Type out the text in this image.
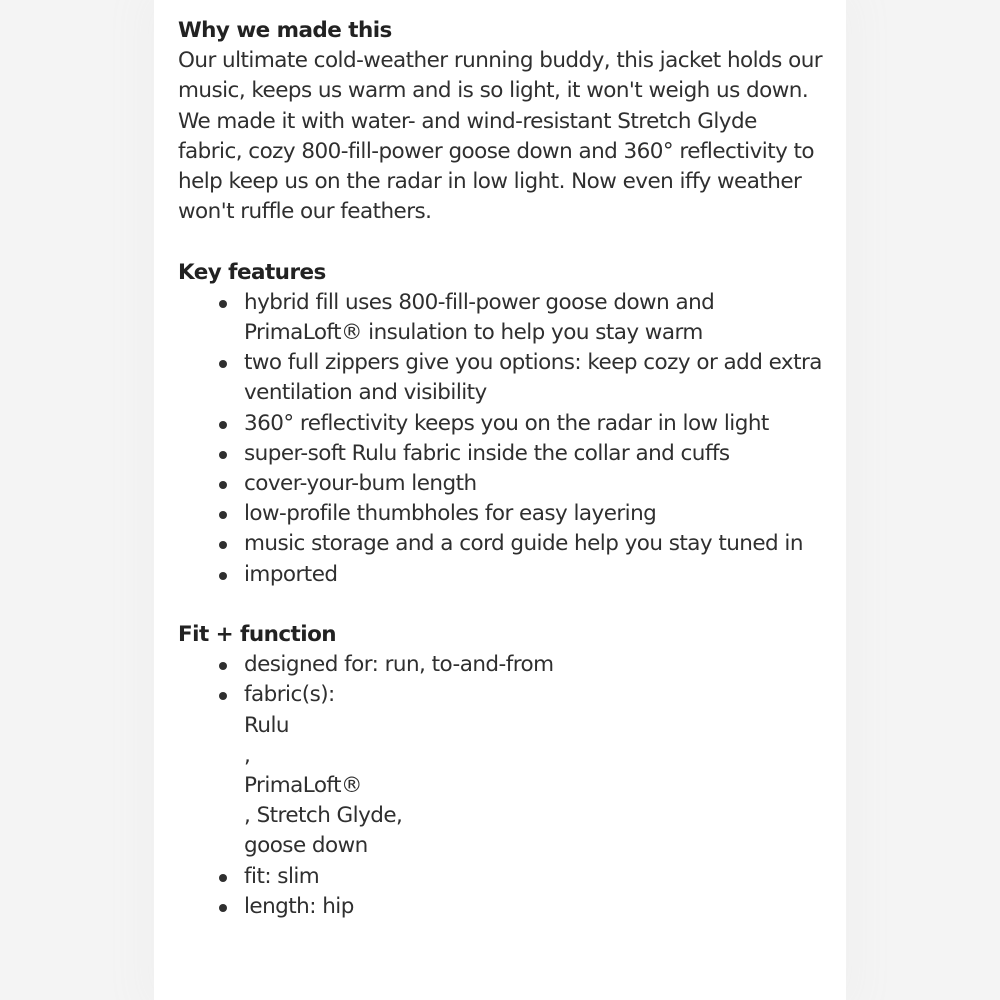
Why we made this

Our ultimate cold-weather running buddy, this jacket holds our music, keeps us warm and is so light, it won't weigh us down. We made it with water- and wind-resistant Stretch Glyde fabric, cozy 800-fill-power goose down and 360° reflectivity to help keep us on the radar in low light. Now even iffy weather won't ruffle our feathers.

Key features
hybrid fill uses 800-fill-power goose down and PrimaLoft® insulation to help you stay warm
two full zippers give you options: keep cozy or add extra ventilation and visibility
360° reflectivity keeps you on the radar in low light
super-soft Rulu fabric inside the collar and cuffs
cover-your-bum length
low-profile thumbholes for easy layering
music storage and a cord guide help you stay tuned in
imported
Fit + function
designed for: run, to-and-from
fabric(s):
Rulu
,
PrimaLoft®
, Stretch Glyde,
goose down
fit: slim
length: hip
